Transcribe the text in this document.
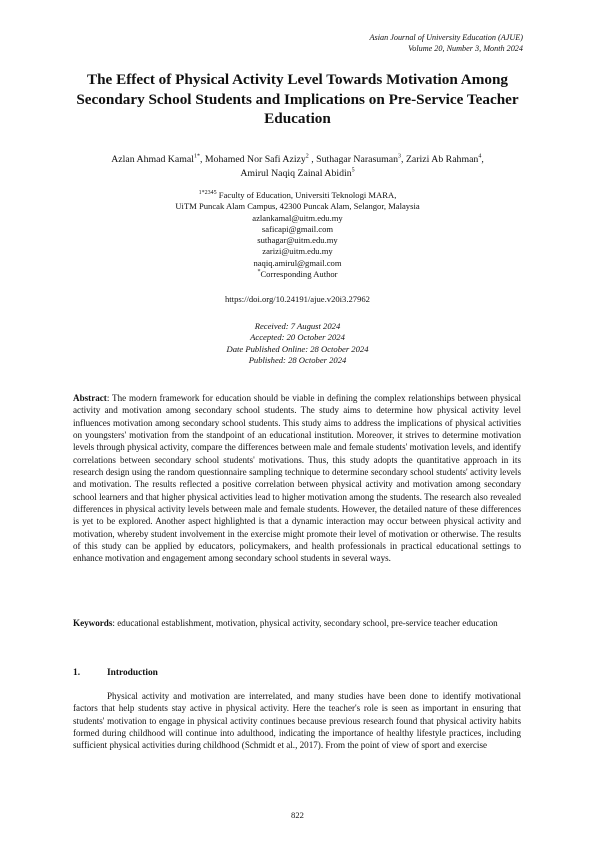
Asian Journal of University Education (AJUE)
Volume 20, Number 3, Month 2024
The Effect of Physical Activity Level Towards Motivation Among Secondary School Students and Implications on Pre-Service Teacher Education
Azlan Ahmad Kamal$^{1*}$, Mohamed Nor Safi Azizy$^2$ , Suthagar Narasuman$^3$, Zarizi Ab Rahman$^4$,
Amirul Naqiq Zainal Abidin$^5$
$^{1*2345}$ Faculty of Education, Universiti Teknologi MARA,
UiTM Puncak Alam Campus, 42300 Puncak Alam, Selangor, Malaysia
azlankamal@uitm.edu.my
saficapi@gmail.com
suthagar@uitm.edu.my
zarizi@uitm.edu.my
naqiq.amirul@gmail.com
*Corresponding Author
https://doi.org/10.24191/ajue.v20i3.27962
Received: 7 August 2024
Accepted: 20 October 2024
Date Published Online: 28 October 2024
Published: 28 October 2024

Abstract: The modern framework for education should be viable in defining the complex relationships between physical activity and motivation among secondary school students. The study aims to determine how physical activity level influences motivation among secondary school students. This study aims to address the implications of physical activities on youngsters' motivation from the standpoint of an educational institution. Moreover, it strives to determine motivation levels through physical activity, compare the differences between male and female students' motivation levels, and identify correlations between secondary school students' motivations. Thus, this study adopts the quantitative approach in its research design using the random questionnaire sampling technique to determine secondary school students' activity levels and motivation. The results reflected a positive correlation between physical activity and motivation among secondary school learners and that higher physical activities lead to higher motivation among the students. The research also revealed differences in physical activity levels between male and female students. However, the detailed nature of these differences is yet to be explored. Another aspect highlighted is that a dynamic interaction may occur between physical activity and motivation, whereby student involvement in the exercise might promote their level of motivation or otherwise. The results of this study can be applied by educators, policymakers, and health professionals in practical educational settings to enhance motivation and engagement among secondary school students in several ways.

Keywords: educational establishment, motivation, physical activity, secondary school, pre-service teacher education

1.	Introduction
Physical activity and motivation are interrelated, and many studies have been done to identify motivational factors that help students stay active in physical activity. Here the teacher's role is seen as important in ensuring that students' motivation to engage in physical activity continues because previous research found that physical activity habits formed during childhood will continue into adulthood, indicating the importance of healthy lifestyle practices, including sufficient physical activities during childhood (Schmidt et al., 2017). From the point of view of sport and exercise
822
